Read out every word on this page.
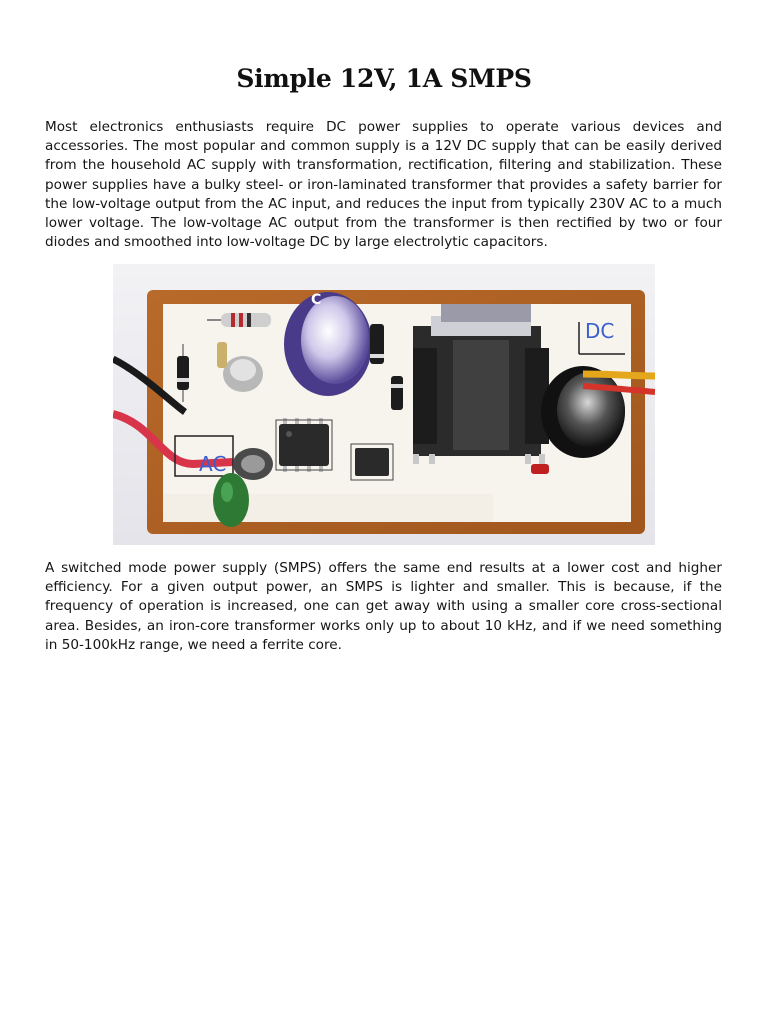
Simple 12V, 1A SMPS

Most electronics enthusiasts require DC power supplies to operate various devices and accessories. The most popular and common supply is a 12V DC supply that can be easily derived from the household AC supply with transformation, rectification, filtering and stabilization. These power supplies have a bulky steel- or iron-laminated transformer that provides a safety barrier for the low-voltage output from the AC input, and reduces the input from typically 230V AC to a much lower voltage. The low-voltage AC output from the transformer is then rectified by two or four diodes and smoothed into low-voltage DC by large electrolytic capacitors.

AC
C
DC

A switched mode power supply (SMPS) offers the same end results at a lower cost and higher efficiency. For a given output power, an SMPS is lighter and smaller. This is because, if the frequency of operation is increased, one can get away with using a smaller core cross-sectional area. Besides, an iron-core transformer works only up to about 10 kHz, and if we need something in 50-100kHz range, we need a ferrite core.
